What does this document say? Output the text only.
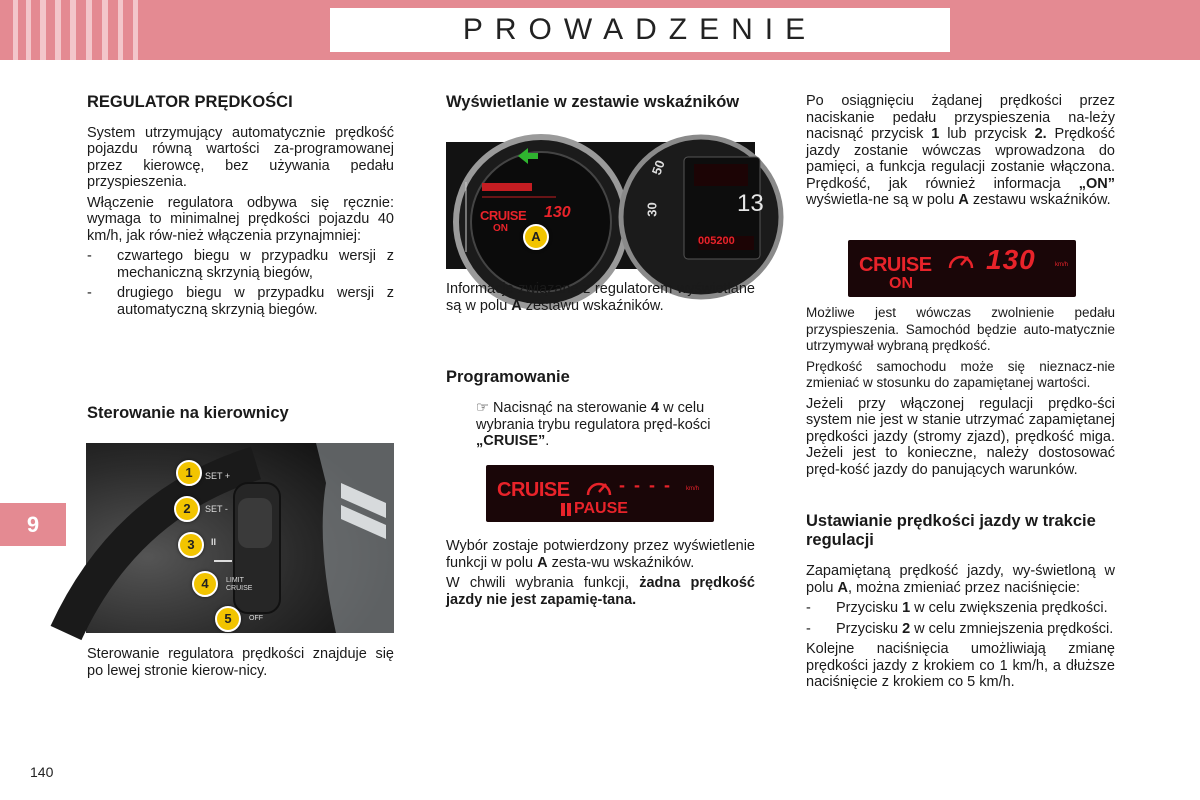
PROWADZENIE
9
140
REGULATOR PRĘDKOŚCI

System utrzymujący automatycznie prędkość pojazdu równą wartości za-programowanej przez kierowcę, bez używania pedału przyspieszenia.

Włączenie regulatora odbywa się ręcznie: wymaga to minimalnej prędkości pojazdu 40 km/h, jak rów-nież włączenia przynajmniej:

- czwartego biegu w przypadku wersji z mechaniczną skrzynią biegów,
- drugiego biegu w przypadku wersji z automatyczną skrzynią biegów.
Sterowanie na kierownicy
SET +
SET -
II
LIMIT CRUISE
OFF
1
2
3
4
5

Sterowanie regulatora prędkości znajduje się po lewej stronie kierow-nicy.

Wyświetlanie w zestawie wskaźników
CRUISE 130
ON
A	005200
13
30
50

Informacje związane z regulatorem wyświetlane są w polu A zestawu wskaźników.

Programowanie
☞ Nacisnąć na sterowanie 4 w celu wybrania trybu regulatora pręd-kości „CRUISE”.
CRUISE	- - - - km/h
PAUSE

Wybór zostaje potwierdzony przez wyświetlenie funkcji w polu A zesta-wu wskaźników.

W chwili wybrania funkcji, żadna prędkość jazdy nie jest zapamię-tana.

Po osiągnięciu żądanej prędkości przez naciskanie pedału przyspieszenia na-leży nacisnąć przycisk 1 lub przycisk 2. Prędkość jazdy zostanie wówczas wprowadzona do pamięci, a funkcja regulacji zostanie włączona. Prędkość, jak również informacja „ON” wyświetla-ne są w polu A zestawu wskaźników.

CRUISE 130	km/h
ON

Możliwe jest wówczas zwolnienie pedału przyspieszenia. Samochód będzie auto-matycznie utrzymywał wybraną prędkość.

Prędkość samochodu może się nieznacz-nie zmieniać w stosunku do zapamiętanej wartości.

Jeżeli przy włączonej regulacji prędko-ści system nie jest w stanie utrzymać zapamiętanej prędkości jazdy (stromy zjazd), prędkość miga. Jeżeli jest to konieczne, należy dostosować pręd-kość jazdy do panujących warunków.

Ustawianie prędkości jazdy w trakcie regulacji

Zapamiętaną prędkość jazdy, wy-świetloną w polu A, można zmieniać przez naciśnięcie:

- Przycisku 1 w celu zwiększenia prędkości.
- Przycisku 2 w celu zmniejszenia prędkości.

Kolejne naciśnięcia umożliwiają zmianę prędkości jazdy z krokiem co 1 km/h, a dłuższe naciśnięcie z krokiem co 5 km/h.
